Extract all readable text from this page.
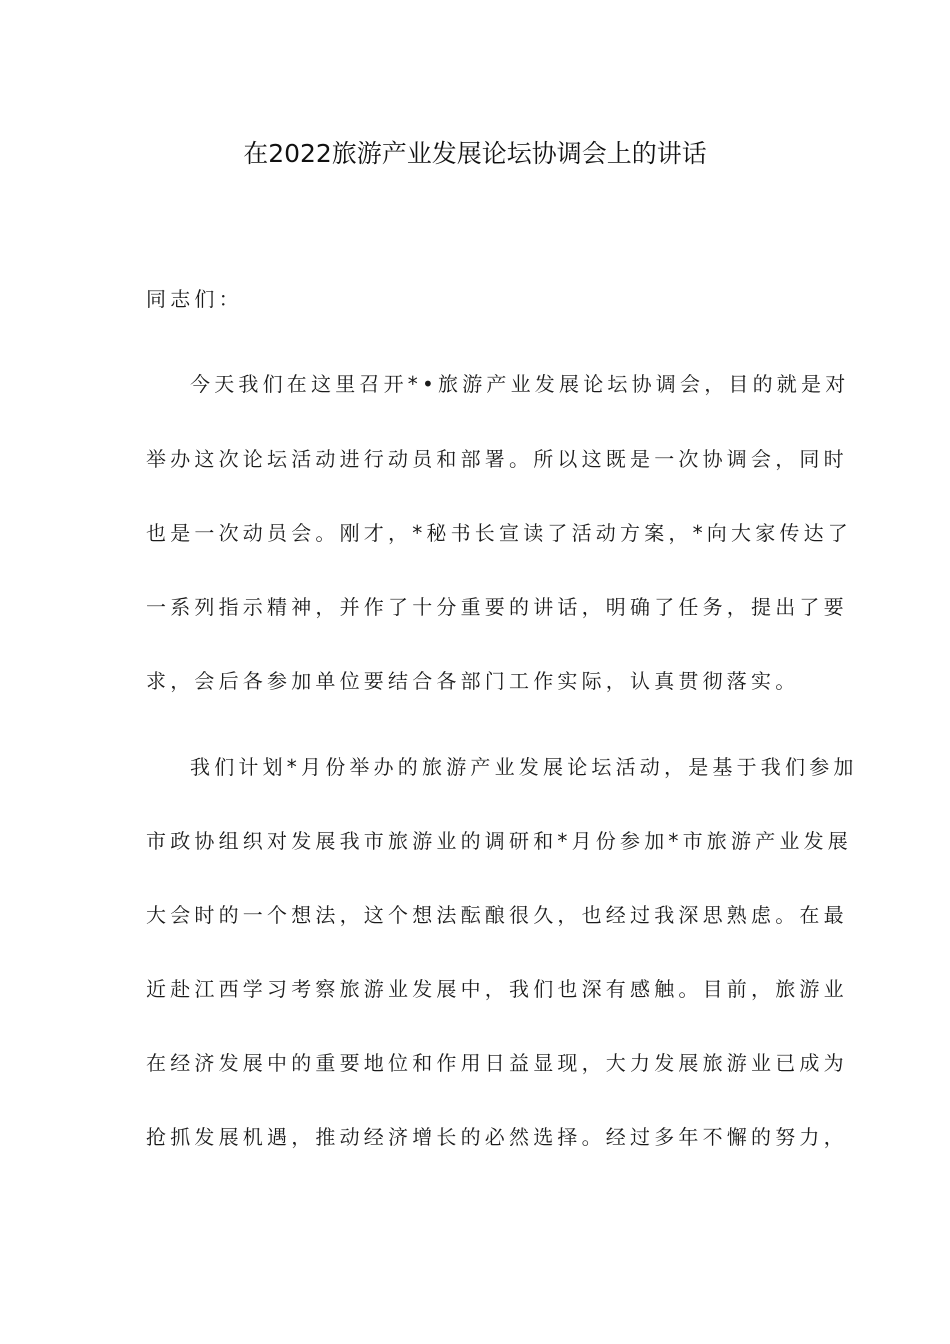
在2022旅游产业发展论坛协调会上的讲话
同志们：
今天我们在这里召开*•旅游产业发展论坛协调会，目的就是对
举办这次论坛活动进行动员和部署。所以这既是一次协调会，同时
也是一次动员会。刚才，*秘书长宣读了活动方案，*向大家传达了
一系列指示精神，并作了十分重要的讲话，明确了任务，提出了要
求，会后各参加单位要结合各部门工作实际，认真贯彻落实。
我们计划*月份举办的旅游产业发展论坛活动，是基于我们参加
市政协组织对发展我市旅游业的调研和*月份参加*市旅游产业发展
大会时的一个想法，这个想法酝酿很久，也经过我深思熟虑。在最
近赴江西学习考察旅游业发展中，我们也深有感触。目前，旅游业
在经济发展中的重要地位和作用日益显现，大力发展旅游业已成为
抢抓发展机遇，推动经济增长的必然选择。经过多年不懈的努力，
